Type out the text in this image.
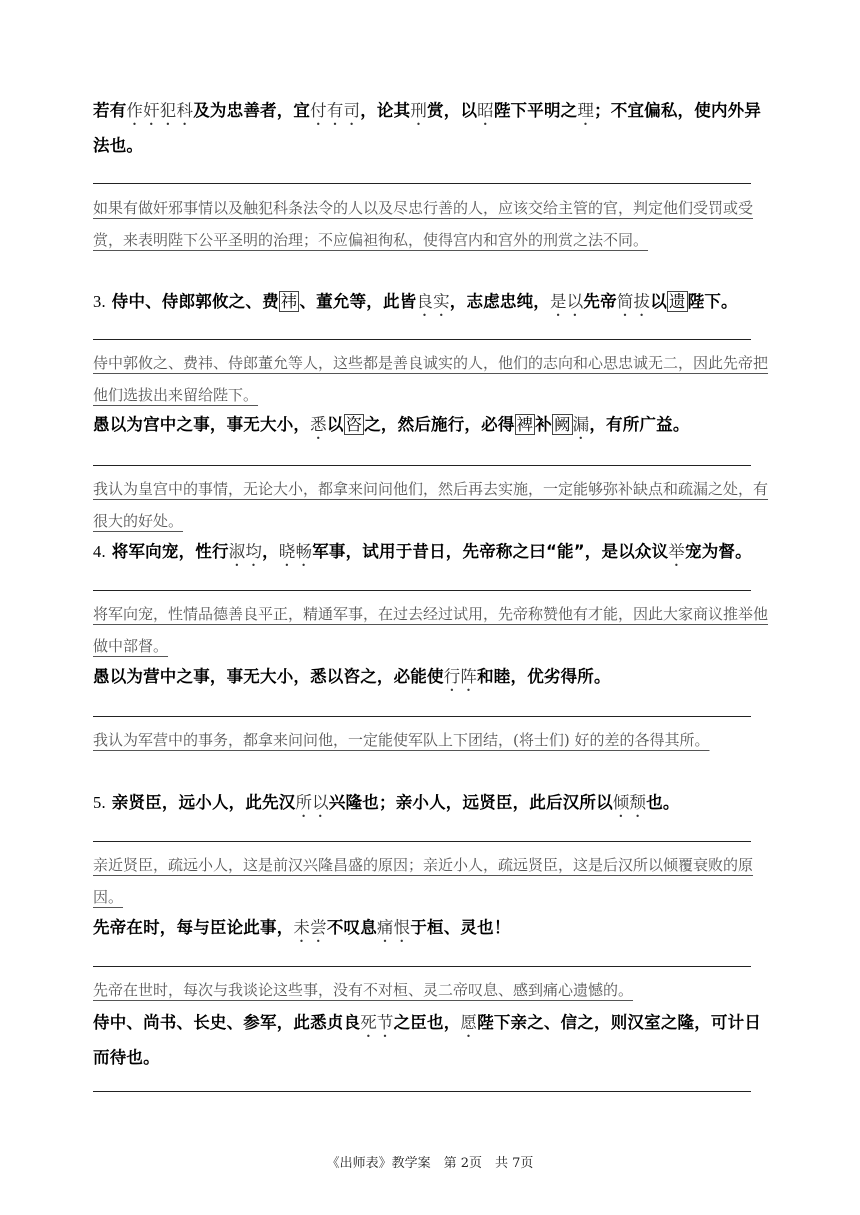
若有作奸犯科及为忠善者，宜付有司，论其刑赏，以昭陛下平明之理；不宜偏私，使内外异法也。
如果有做奸邪事情以及触犯科条法令的人以及尽忠行善的人，应该交给主管的官，判定他们受罚或受赏，来表明陛下公平圣明的治理；不应偏袒徇私，使得宫内和宫外的刑赏之法不同。
3. 侍中、侍郎郭攸之、费 祎 、董允等，此皆良实，志虑忠纯，是以先帝简拔以 遗 陛下。
侍中郭攸之、费祎、侍郎董允等人，这些都是善良诚实的人，他们的志向和心思忠诚无二，因此先帝把他们选拔出来留给陛下。
愚以为宫中之事，事无大小，悉以 咨 之，然后施行，必得 裨 补 阙 漏，有所广益。
我认为皇宫中的事情，无论大小，都拿来问问他们，然后再去实施，一定能够弥补缺点和疏漏之处，有很大的好处。
4. 将军向宠，性行淑均，晓畅军事，试用于昔日，先帝称之曰“能”，是以众议举宠为督。
将军向宠，性情品德善良平正，精通军事，在过去经过试用，先帝称赞他有才能，因此大家商议推举他做中部督。
愚以为营中之事，事无大小，悉以咨之，必能使行阵和睦，优劣得所。
我认为军营中的事务，都拿来问问他，一定能使军队上下团结，(将士们) 好的差的各得其所。
5. 亲贤臣，远小人，此先汉所以兴隆也；亲小人，远贤臣，此后汉所以倾颓也。
亲近贤臣，疏远小人，这是前汉兴隆昌盛的原因；亲近小人，疏远贤臣，这是后汉所以倾覆衰败的原因。
先帝在时，每与臣论此事，未尝不叹息痛恨于桓、灵也！
先帝在世时，每次与我谈论这些事，没有不对桓、灵二帝叹息、感到痛心遗憾的。
侍中、尚书、长史、参军，此悉贞良死节之臣也，愿陛下亲之、信之，则汉室之隆，可计日而待也。
《出师表》教学案　第 2页　共 7页
